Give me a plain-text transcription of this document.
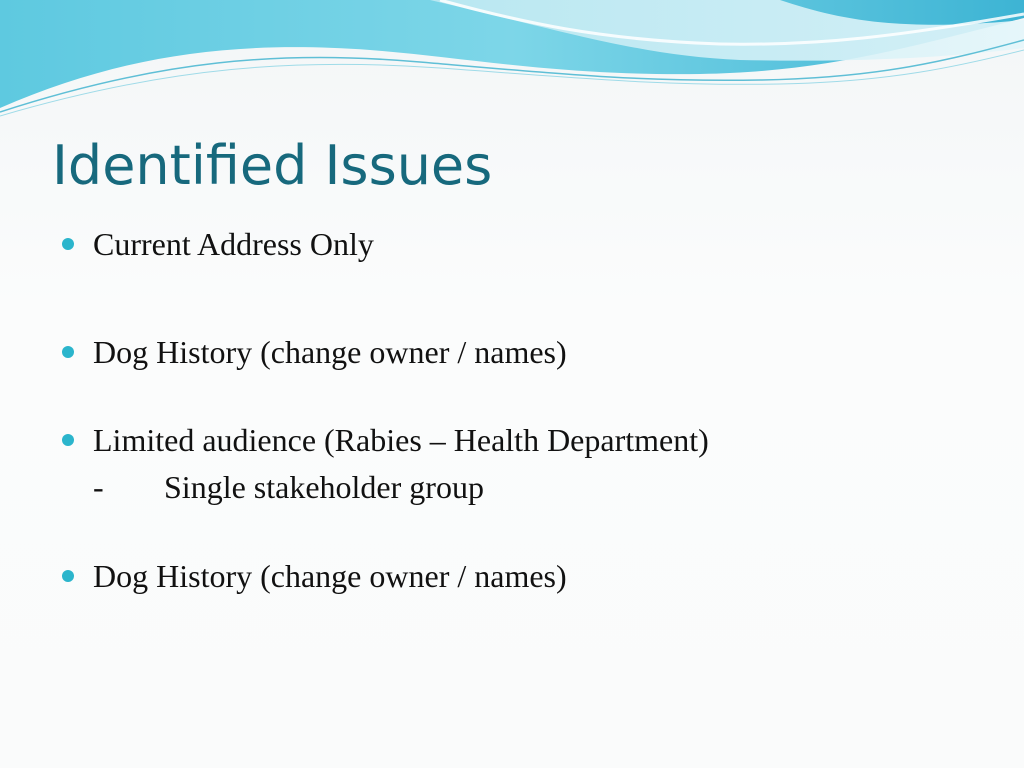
Identified Issues
Current Address Only
Dog History (change owner / names)
Limited audience (Rabies – Health Department)
Dog History (change owner / names)
- Single stakeholder group
